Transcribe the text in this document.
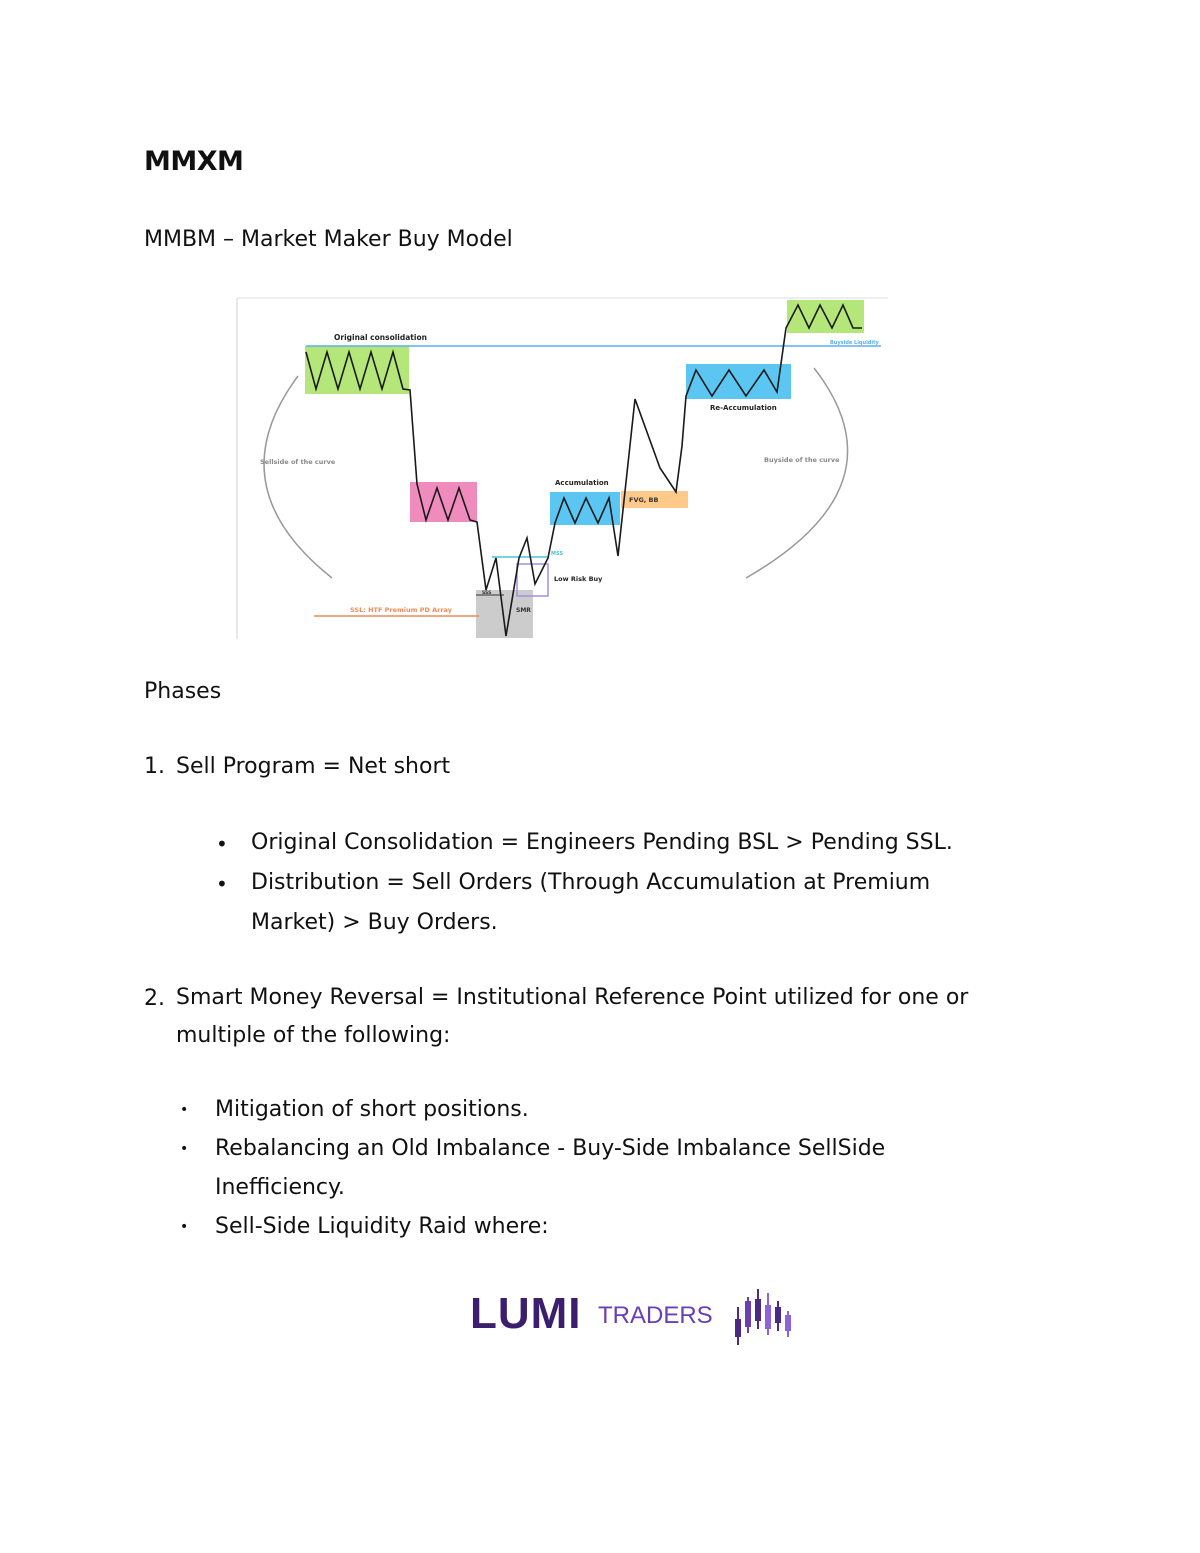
MMXM
MMBM – Market Maker Buy Model
Original consolidation
Buyside Liquidity
Re-Accumulation
Sellside of the curve	Buyside of the curve
Accumulation
FVG, BB
MSS
Low Risk Buy
SSL: HTF Premium PD Array
SSS
SMR
Phases
1. Sell Program = Net short
• Original Consolidation = Engineers Pending BSL > Pending SSL.
• Distribution = Sell Orders (Through Accumulation at Premium
Market) > Buy Orders.
2. Smart Money Reversal = Institutional Reference Point utilized for one or
multiple of the following:
• Mitigation of short positions.
• Rebalancing an Old Imbalance - Buy-Side Imbalance SellSide
Inefficiency.
• Sell-Side Liquidity Raid where:
LUMI TRADERS
